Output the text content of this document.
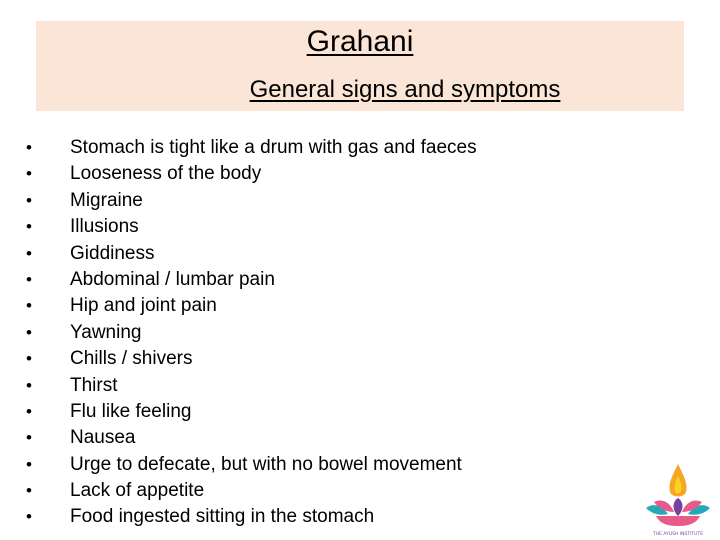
Grahani
General signs and symptoms
•	Stomach is tight like a drum with gas and faeces
•	Looseness of the body
•	Migraine
•	Illusions
•	Giddiness
•	Abdominal / lumbar pain
•	Hip and joint pain
•	Yawning
•	Chills / shivers
•	Thirst
•	Flu like feeling
•	Nausea
•	Urge to defecate, but with no bowel movement
•	Lack of appetite
•	Food ingested sitting in the stomach
THE AYUSH INSTITUTE
